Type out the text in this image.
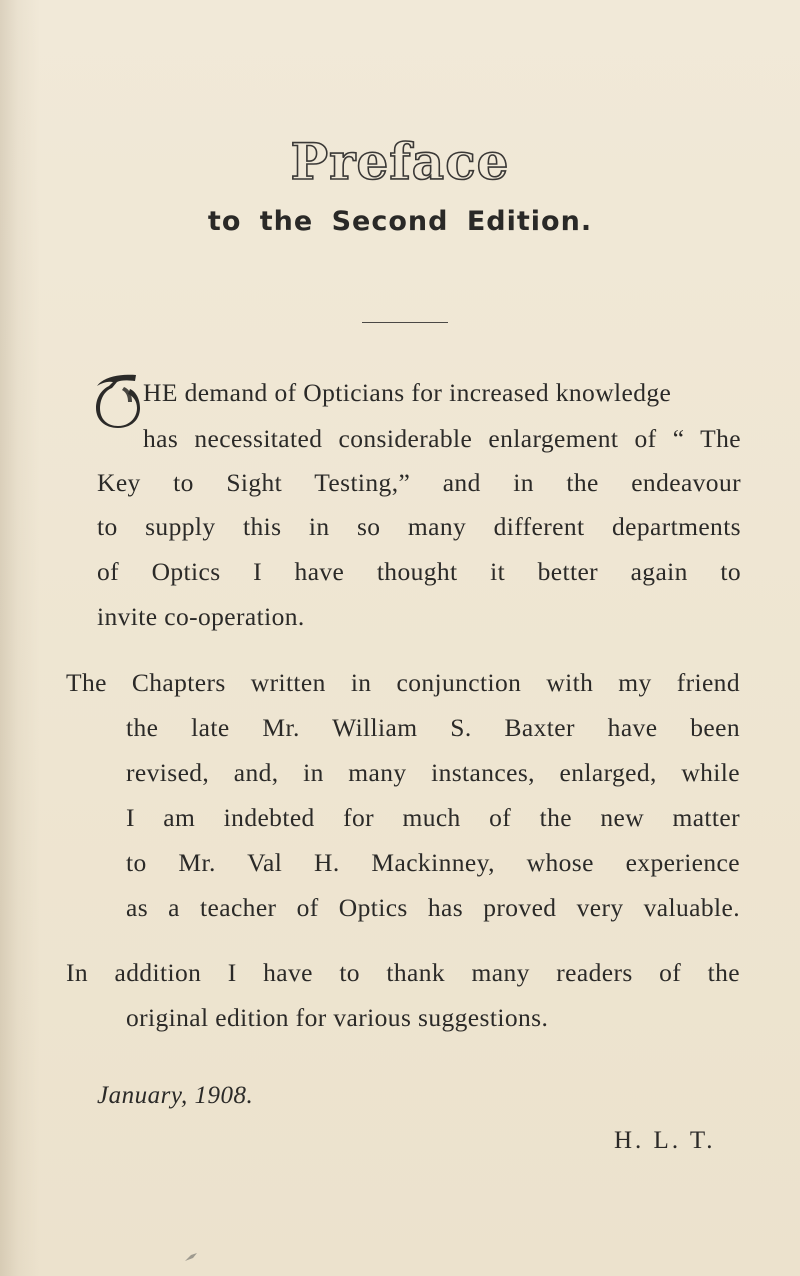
Preface
to the Second Edition.
HE demand of Opticians for increased knowledge
has necessitated considerable enlargement of “ The
Key to Sight Testing,” and in the endeavour
to supply this in so many different departments
of Optics I have thought it better again to
invite co-operation.
The Chapters written in conjunction with my friend
the late Mr. William S. Baxter have been
revised, and, in many instances, enlarged, while
I am indebted for much of the new matter
to Mr. Val H. Mackinney, whose experience
as a teacher of Optics has proved very valuable.
In addition I have to thank many readers of the
original edition for various suggestions.
January, 1908.
H. L. T.
